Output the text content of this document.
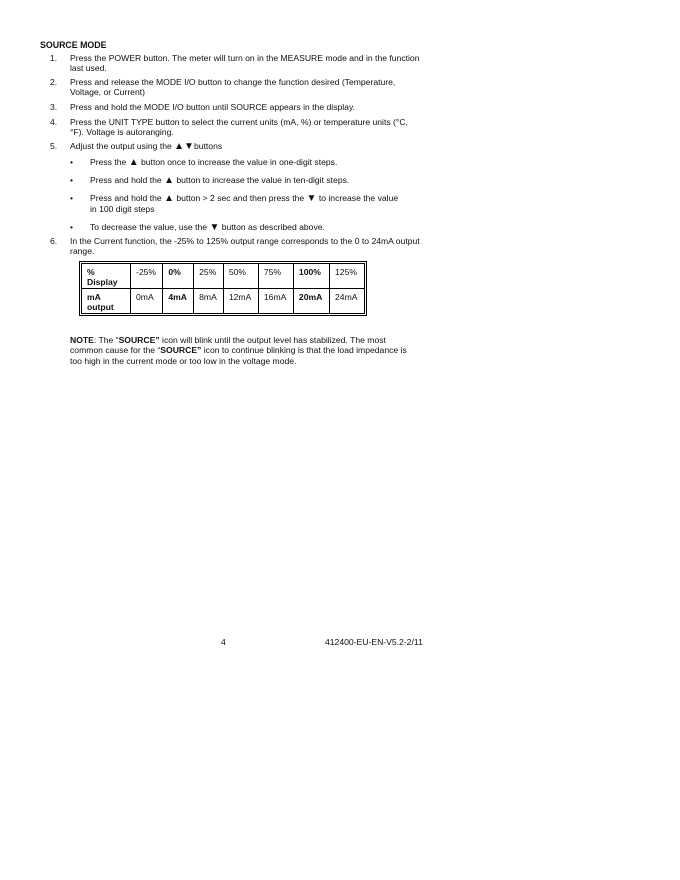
SOURCE MODE
1.	Press the POWER button. The meter will turn on in the MEASURE mode and in the function last used.
2.	Press and release the MODE I/O button to change the function desired (Temperature, Voltage, or Current)
3.	Press and hold the MODE I/O button until SOURCE appears in the display.
4.	Press the UNIT TYPE button to select the current units (mA, %) or temperature units (°C, °F). Voltage is autoranging.
5.	Adjust the output using the ▲▼buttons
• Press the ▲ button once to increase the value in one-digit steps.
• Press and hold the ▲ button to increase the value in ten-digit steps.
• Press and hold the ▲ button > 2 sec and then press the ▼ to increase the value in 100 digit steps
• To decrease the value, use the ▼ button as described above.
6.	In the Current function, the -25% to 125% output range corresponds to the 0 to 24mA output range.
% Display	-25%	0%	25%	50%	75%	100%	125%
mA output	0mA	4mA	8mA	12mA	16mA	20mA	24mA
NOTE: The “SOURCE” icon will blink until the output level has stabilized. The most common cause for the “SOURCE” icon to continue blinking is that the load impedance is too high in the current mode or too low in the voltage mode.
4	412400-EU-EN-V5.2-2/11
